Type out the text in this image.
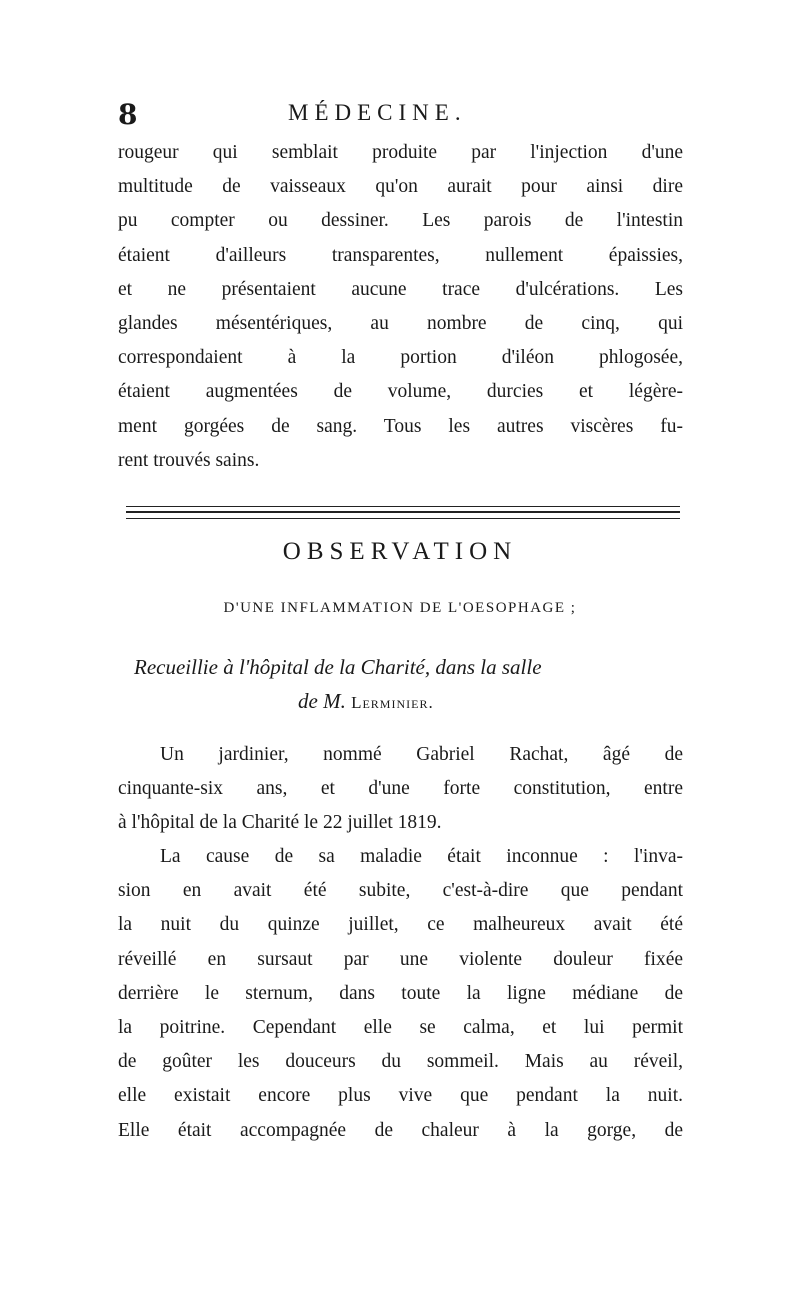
8	MÉDECINE.
rougeur qui semblait produite par l'injection d'une
multitude de vaisseaux qu'on aurait pour ainsi dire
pu compter ou dessiner. Les parois de l'intestin
étaient d'ailleurs transparentes, nullement épaissies,
et ne présentaient aucune trace d'ulcérations. Les
glandes mésentériques, au nombre de cinq, qui
correspondaient à la portion d'iléon phlogosée,
étaient augmentées de volume, durcies et légère-
ment gorgées de sang. Tous les autres viscères fu-
rent trouvés sains.
OBSERVATION
D'UNE INFLAMMATION DE L'OESOPHAGE ;
Recueillie à l'hôpital de la Charité, dans la salle
de M. Lerminier.
Un jardinier, nommé Gabriel Rachat, âgé de
cinquante-six ans, et d'une forte constitution, entre
à l'hôpital de la Charité le 22 juillet 1819.
La cause de sa maladie était inconnue : l'inva-
sion en avait été subite, c'est-à-dire que pendant
la nuit du quinze juillet, ce malheureux avait été
réveillé en sursaut par une violente douleur fixée
derrière le sternum, dans toute la ligne médiane de
la poitrine. Cependant elle se calma, et lui permit
de goûter les douceurs du sommeil. Mais au réveil,
elle existait encore plus vive que pendant la nuit.
Elle était accompagnée de chaleur à la gorge, de
